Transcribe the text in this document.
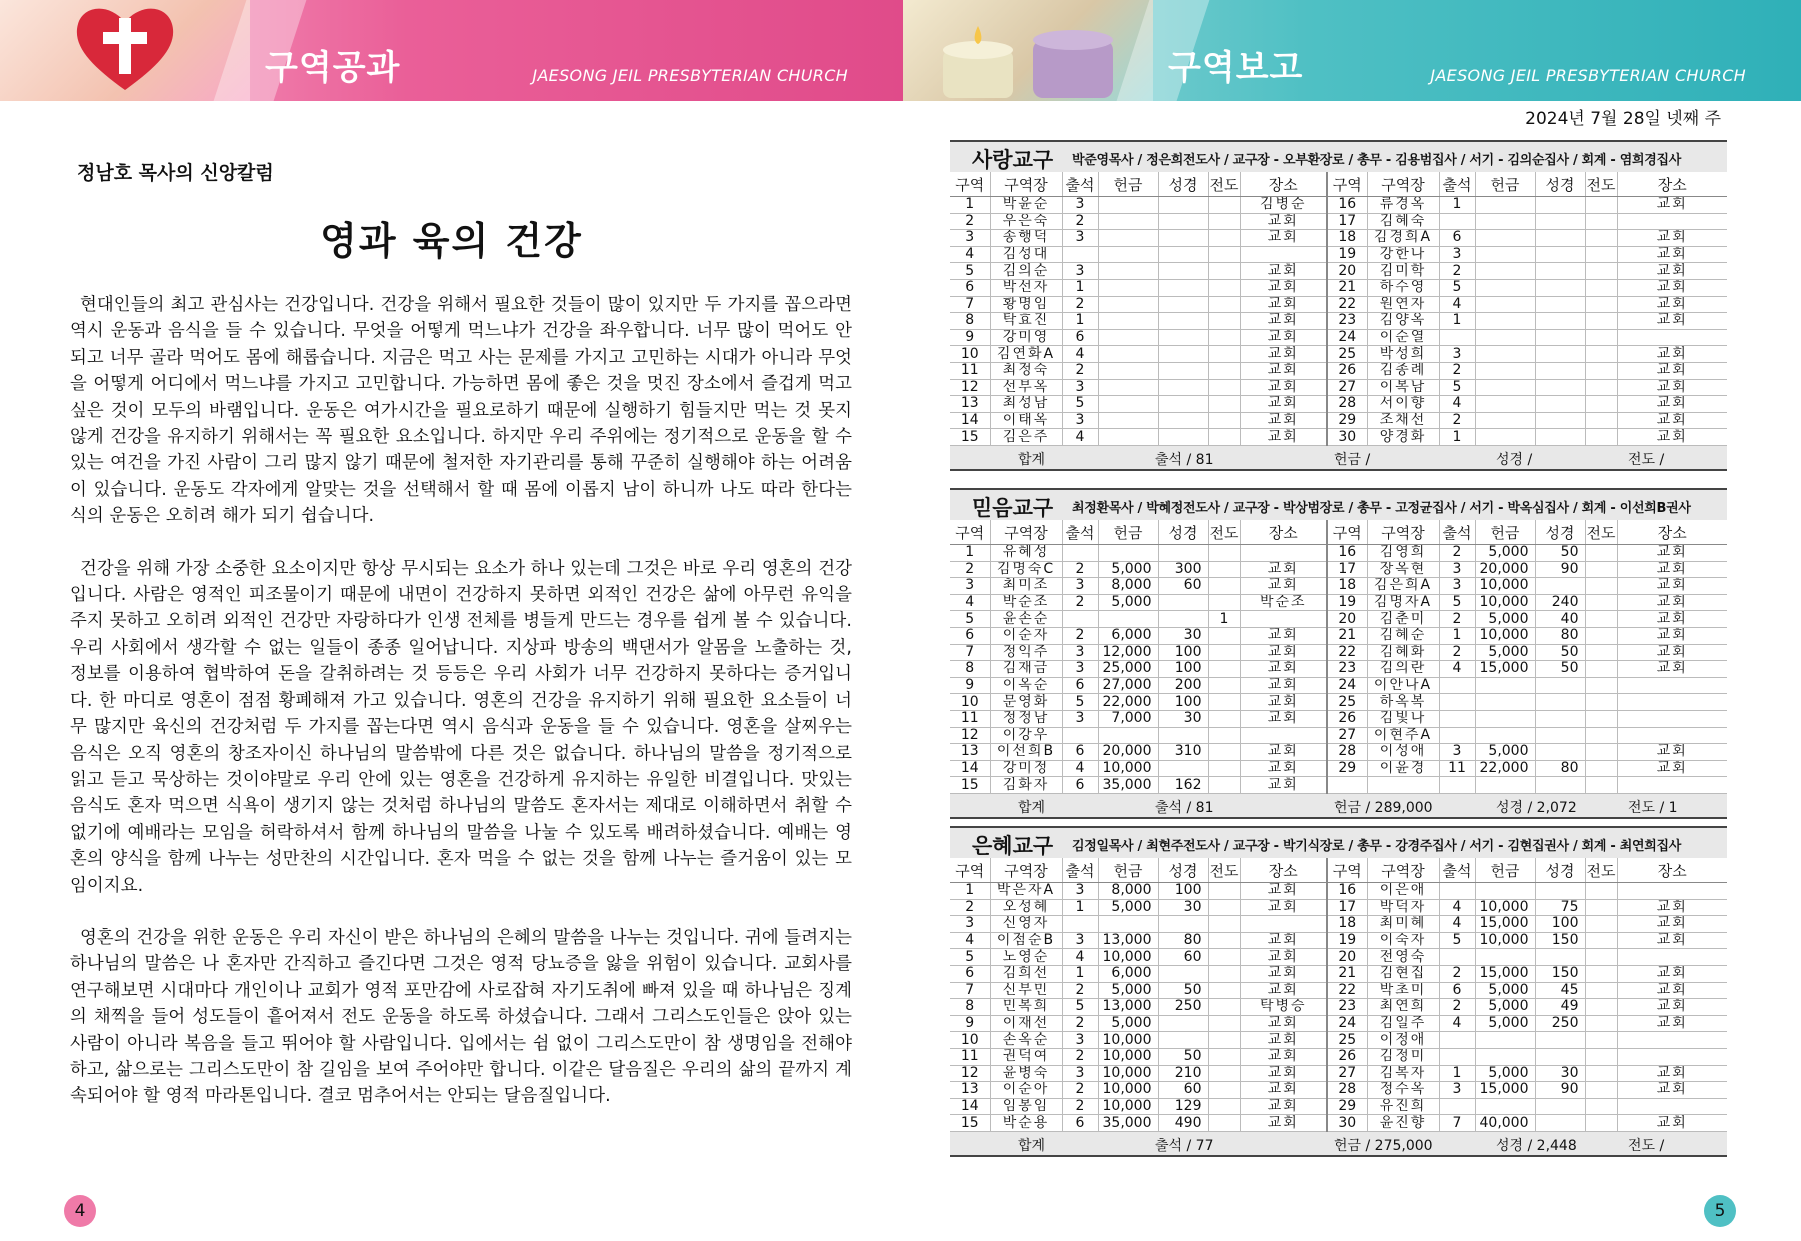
구역공과	JAESONG JEIL PRESBYTERIAN CHURCH	구역보고	JAESONG JEIL PRESBYTERIAN CHURCH
정남호 목사의 신앙칼럼
영과 육의 건강

현대인들의 최고 관심사는 건강입니다. 건강을 위해서 필요한 것들이 많이 있지만 두 가지를 꼽으라면 역시 운동과 음식을 들 수 있습니다. 무엇을 어떻게 먹느냐가 건강을 좌우합니다. 너무 많이 먹어도 안되고 너무 골라 먹어도 몸에 해롭습니다. 지금은 먹고 사는 문제를 가지고 고민하는 시대가 아니라 무엇을 어떻게 어디에서 먹느냐를 가지고 고민합니다. 가능하면 몸에 좋은 것을 멋진 장소에서 즐겁게 먹고 싶은 것이 모두의 바램입니다. 운동은 여가시간을 필요로하기 때문에 실행하기 힘들지만 먹는 것 못지않게 건강을 유지하기 위해서는 꼭 필요한 요소입니다. 하지만 우리 주위에는 정기적으로 운동을 할 수 있는 여건을 가진 사람이 그리 많지 않기 때문에 철저한 자기관리를 통해 꾸준히 실행해야 하는 어려움이 있습니다. 운동도 각자에게 알맞는 것을 선택해서 할 때 몸에 이롭지 남이 하니까 나도 따라 한다는 식의 운동은 오히려 해가 되기 쉽습니다.

건강을 위해 가장 소중한 요소이지만 항상 무시되는 요소가 하나 있는데 그것은 바로 우리 영혼의 건강입니다. 사람은 영적인 피조물이기 때문에 내면이 건강하지 못하면 외적인 건강은 삶에 아무런 유익을 주지 못하고 오히려 외적인 건강만 자랑하다가 인생 전체를 병들게 만드는 경우를 쉽게 볼 수 있습니다. 우리 사회에서 생각할 수 없는 일들이 종종 일어납니다. 지상파 방송의 백댄서가 알몸을 노출하는 것, 정보를 이용하여 협박하여 돈을 갈취하려는 것 등등은 우리 사회가 너무 건강하지 못하다는 증거입니다. 한 마디로 영혼이 점점 황폐해져 가고 있습니다. 영혼의 건강을 유지하기 위해 필요한 요소들이 너무 많지만 육신의 건강처럼 두 가지를 꼽는다면 역시 음식과 운동을 들 수 있습니다. 영혼을 살찌우는 음식은 오직 영혼의 창조자이신 하나님의 말씀밖에 다른 것은 없습니다. 하나님의 말씀을 정기적으로 읽고 듣고 묵상하는 것이야말로 우리 안에 있는 영혼을 건강하게 유지하는 유일한 비결입니다. 맛있는 음식도 혼자 먹으면 식욕이 생기지 않는 것처럼 하나님의 말씀도 혼자서는 제대로 이해하면서 취할 수 없기에 예배라는 모임을 허락하셔서 함께 하나님의 말씀을 나눌 수 있도록 배려하셨습니다. 예배는 영혼의 양식을 함께 나누는 성만찬의 시간입니다. 혼자 먹을 수 없는 것을 함께 나누는 즐거움이 있는 모임이지요.

영혼의 건강을 위한 운동은 우리 자신이 받은 하나님의 은혜의 말씀을 나누는 것입니다. 귀에 들려지는 하나님의 말씀은 나 혼자만 간직하고 즐긴다면 그것은 영적 당뇨증을 앓을 위험이 있습니다. 교회사를 연구해보면 시대마다 개인이나 교회가 영적 포만감에 사로잡혀 자기도취에 빠져 있을 때 하나님은 징계의 채찍을 들어 성도들이 흩어져서 전도 운동을 하도록 하셨습니다. 그래서 그리스도인들은 앉아 있는 사람이 아니라 복음을 들고 뛰어야 할 사람입니다. 입에서는 쉼 없이 그리스도만이 참 생명임을 전해야하고, 삶으로는 그리스도만이 참 길임을 보여 주어야만 합니다. 이같은 달음질은 우리의 삶의 끝까지 계속되어야 할 영적 마라톤입니다. 결코 멈추어서는 안되는 달음질입니다.

2024년 7월 28일 넷째 주
사랑교구 박준영목사 / 정은희전도사 / 교구장 - 오부환장로 / 총무 - 김용범집사 / 서기 - 김의순집사 / 회계 - 염희경집사
구역	구역장	출석	헌금	성경	전도	장소	구역	구역장	출석	헌금	성경	전도	장소
1	박윤순	3				김병순	16	류경옥	1				교회
2	우은숙	2				교회	17	김혜숙					
3	송행덕	3				교회	18	김경희A	6				교회
4	김성대						19	강한나	3				교회
5	김의순	3				교회	20	김미학	2				교회
6	박선자	1				교회	21	하수영	5				교회
7	황명임	2				교회	22	원연자	4				교회
8	탁효진	1				교회	23	김양옥	1				교회
9	강미영	6				교회	24	이순열					
10	김연화A	4				교회	25	박성희	3				교회
11	최정숙	2				교회	26	김종례	2				교회
12	선부옥	3				교회	27	이복남	5				교회
13	최성남	5				교회	28	서이향	4				교회
14	이태옥	3				교회	29	조채선	2				교회
15	김은주	4				교회	30	양경화	1				교회
합계	출석 / 81	헌금 /	성경 /	전도 /
믿음교구 최정환목사 / 박혜정전도사 / 교구장 - 박상범장로 / 총무 - 고정균집사 / 서기 - 박옥심집사 / 회계 - 이선희B권사
구역	구역장	출석	헌금	성경	전도	장소	구역	구역장	출석	헌금	성경	전도	장소
1	유혜성						16	김영희	2	5,000	50		교회
2	김명숙C	2	5,000	300		교회	17	장옥현	3	20,000	90		교회
3	최미조	3	8,000	60		교회	18	김은희A	3	10,000			교회
4	박순조	2	5,000			박순조	19	김명자A	5	10,000	240		교회
5	윤손순				1		20	김춘미	2	5,000	40		교회
6	이순자	2	6,000	30		교회	21	김혜순	1	10,000	80		교회
7	정익주	3	12,000	100		교회	22	김혜화	2	5,000	50		교회
8	김재금	3	25,000	100		교회	23	김의란	4	15,000	50		교회
9	이옥순	6	27,000	200		교회	24	이안나A					
10	문영화	5	22,000	100		교회	25	하옥복					
11	정정남	3	7,000	30		교회	26	김빛나					
12	이강우						27	이현주A					
13	이선희B	6	20,000	310		교회	28	이성애	3	5,000			교회
14	강미정	4	10,000			교회	29	이윤경	11	22,000	80		교회
15	김화자	6	35,000	162		교회							
합계	출석 / 81	헌금 / 289,000	성경 / 2,072	전도 / 1
은혜교구 김정일목사 / 최현주전도사 / 교구장 - 박기식장로 / 총무 - 강경주집사 / 서기 - 김현집권사 / 회계 - 최연희집사
구역	구역장	출석	헌금	성경	전도	장소	구역	구역장	출석	헌금	성경	전도	장소
1	박은자A	3	8,000	100		교회	16	이은애					
2	오성혜	1	5,000	30		교회	17	박덕자	4	10,000	75		교회
3	신영자						18	최미혜	4	15,000	100		교회
4	이점순B	3	13,000	80		교회	19	이숙자	5	10,000	150		교회
5	노영순	4	10,000	60		교회	20	전영숙					
6	김희선	1	6,000			교회	21	김현집	2	15,000	150		교회
7	신부민	2	5,000	50		교회	22	박초미	6	5,000	45		교회
8	민복희	5	13,000	250		탁병승	23	최연희	2	5,000	49		교회
9	이재선	2	5,000			교회	24	김일주	4	5,000	250		교회
10	손옥순	3	10,000			교회	25	이정애					
11	권덕여	2	10,000	50		교회	26	김정미					
12	윤병숙	3	10,000	210		교회	27	김복자	1	5,000	30		교회
13	이순아	2	10,000	60		교회	28	정수옥	3	15,000	90		교회
14	임봉임	2	10,000	129		교회	29	유진희					
15	박순용	6	35,000	490		교회	30	윤진향	7	40,000			교회
합계	출석 / 77	헌금 / 275,000	성경 / 2,448	전도 /
4	5
